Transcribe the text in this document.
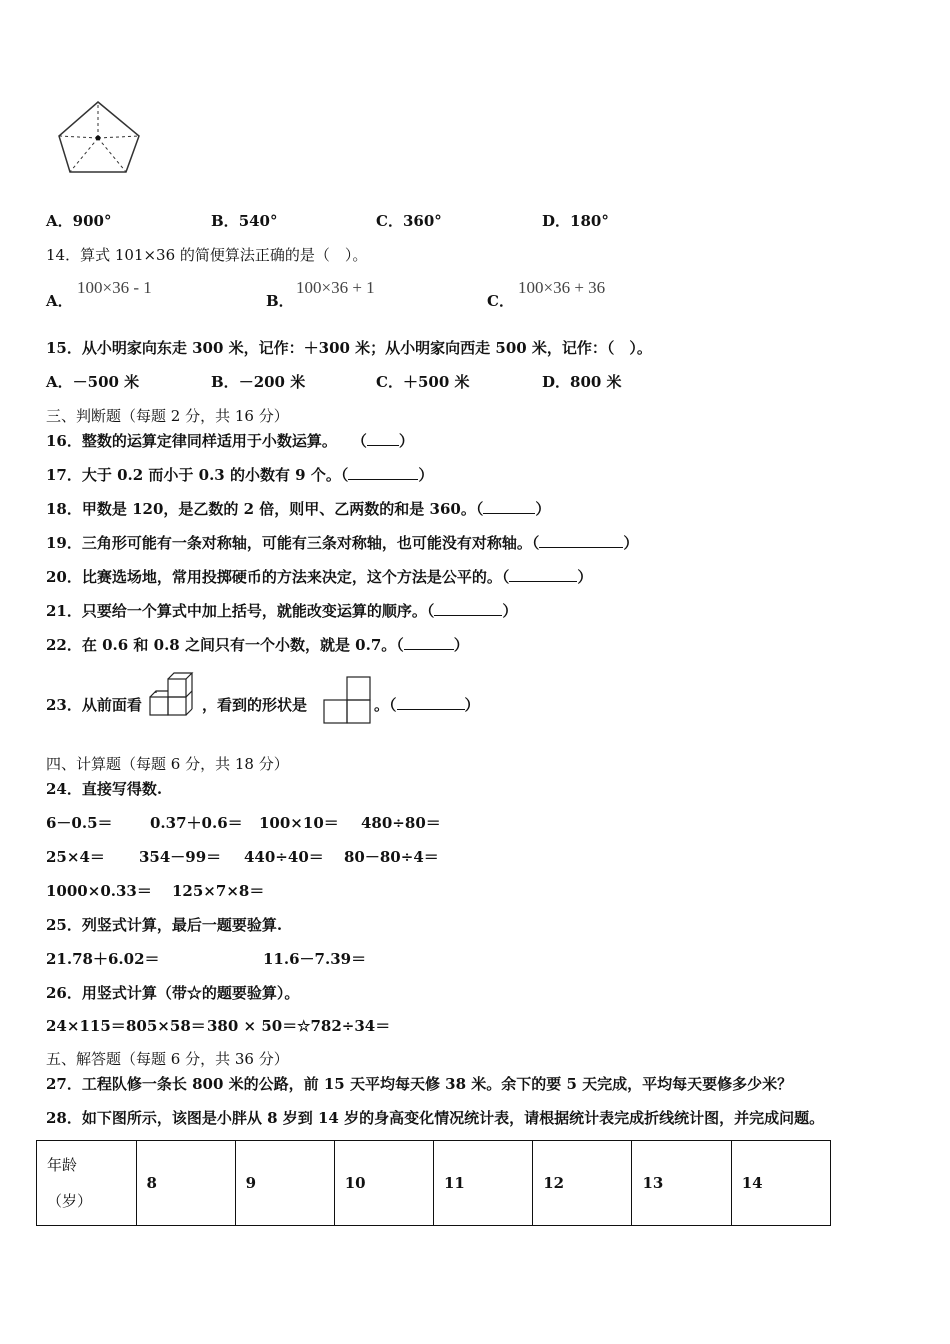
A．900°	B．540°	C．360°	D．180°
14．算式 101×36 的简便算法正确的是（　）。
A．
100×36 - 1
B．
100×36 + 1
C．
100×36 + 36
15．从小明家向东走 300 米，记作：＋300 米；从小明家向西走 500 米，记作：（　）。
A．－500 米	B．－200 米	C．＋500 米	D．800 米
三、判断题（每题 2 分，共 16 分）
16．整数的运算定律同样适用于小数运算。　　（ ）
17．大于 0.2 而小于 0.3 的小数有 9 个。（	）
18．甲数是 120，是乙数的 2 倍，则甲、乙两数的和是 360。（	）
19．三角形可能有一条对称轴，可能有三条对称轴，也可能没有对称轴。（	）
20．比赛选场地，常用投掷硬币的方法来决定，这个方法是公平的。（	）
21．只要给一个算式中加上括号，就能改变运算的顺序。（	）
22．在 0.6 和 0.8 之间只有一个小数，就是 0.7。（	）
23．从前面看	，看到的形状是	。（	）
四、计算题（每题 6 分，共 18 分）
24．直接写得数.
6－0.5＝ 0.37＋0.6＝ 100×10＝ 480÷80＝
25×4＝ 354－99＝ 440÷40＝ 80－80÷4＝
1000×0.33＝ 125×7×8＝
25．列竖式计算，最后一题要验算.
21.78＋6.02＝	11.6－7.39＝
26．用竖式计算（带☆的题要验算）。
24×115＝ 805×58＝ 380 × 50＝ ☆782÷34＝
五、解答题（每题 6 分，共 36 分）
27．工程队修一条长 800 米的公路，前 15 天平均每天修 38 米。余下的要 5 天完成，平均每天要修多少米？
28．如下图所示，该图是小胖从 8 岁到 14 岁的身高变化情况统计表，请根据统计表完成折线统计图，并完成问题。
年龄
（岁）
	8	9	10	11	12	13	14
